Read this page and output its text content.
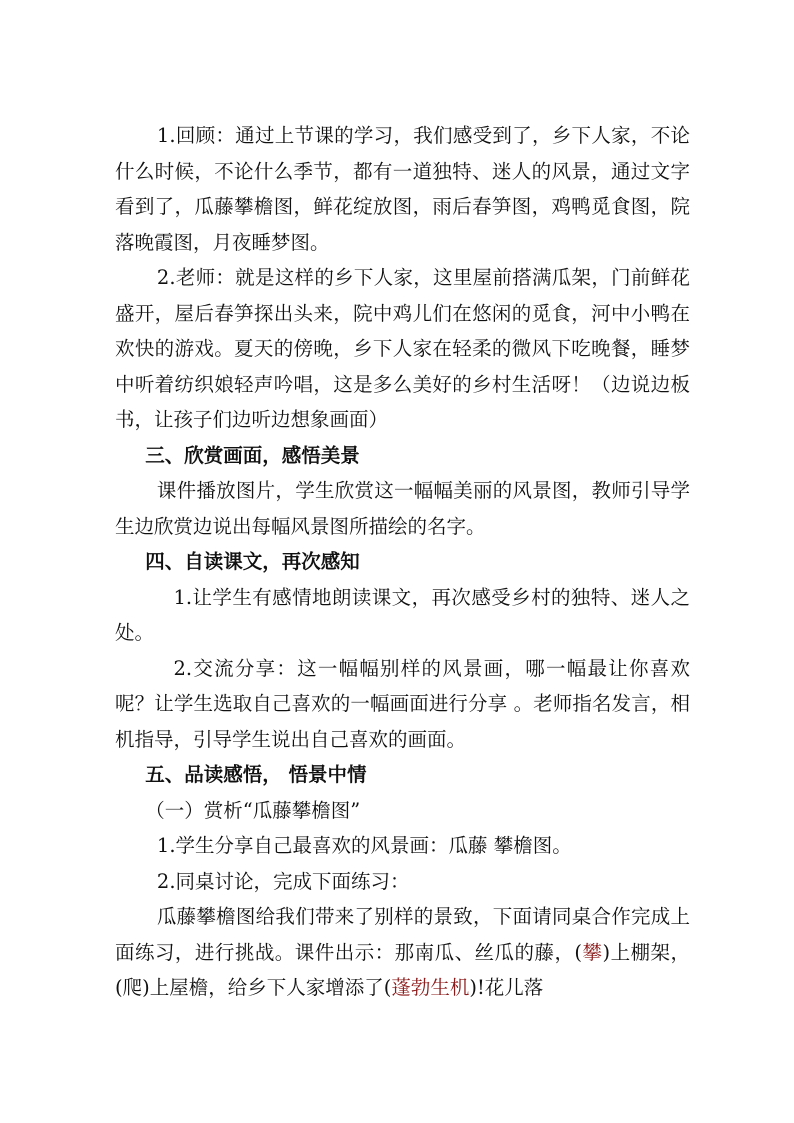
1.回顾：通过上节课的学习，我们感受到了，乡下人家，不论什么时候，不论什么季节，都有一道独特、迷人的风景，通过文字看到了，瓜藤攀檐图，鲜花绽放图，雨后春笋图，鸡鸭觅食图，院落晚霞图，月夜睡梦图。

2.老师：就是这样的乡下人家，这里屋前搭满瓜架，门前鲜花盛开，屋后春笋探出头来，院中鸡儿们在悠闲的觅食，河中小鸭在欢快的游戏。夏天的傍晚，乡下人家在轻柔的微风下吃晚餐，睡梦中听着纺织娘轻声吟唱，这是多么美好的乡村生活呀！（边说边板书，让孩子们边听边想象画面）

三、欣赏画面，感悟美景

课件播放图片，学生欣赏这一幅幅美丽的风景图，教师引导学生边欣赏边说出每幅风景图所描绘的名字。

四、自读课文，再次感知

1.让学生有感情地朗读课文，再次感受乡村的独特、迷人之处。

2.交流分享：这一幅幅别样的风景画，哪一幅最让你喜欢呢？让学生选取自己喜欢的一幅画面进行分享 。老师指名发言，相机指导，引导学生说出自己喜欢的画面。

五、品读感悟， 悟景中情

（一）赏析“瓜藤攀檐图”

1.学生分享自己最喜欢的风景画：瓜藤 攀檐图。

2.同桌讨论，完成下面练习：

瓜藤攀檐图给我们带来了别样的景致，下面请同桌合作完成上面练习，进行挑战。课件出示：那南瓜、丝瓜的藤，(攀)上棚架，(爬)上屋檐，给乡下人家增添了(蓬勃生机)!花儿落
